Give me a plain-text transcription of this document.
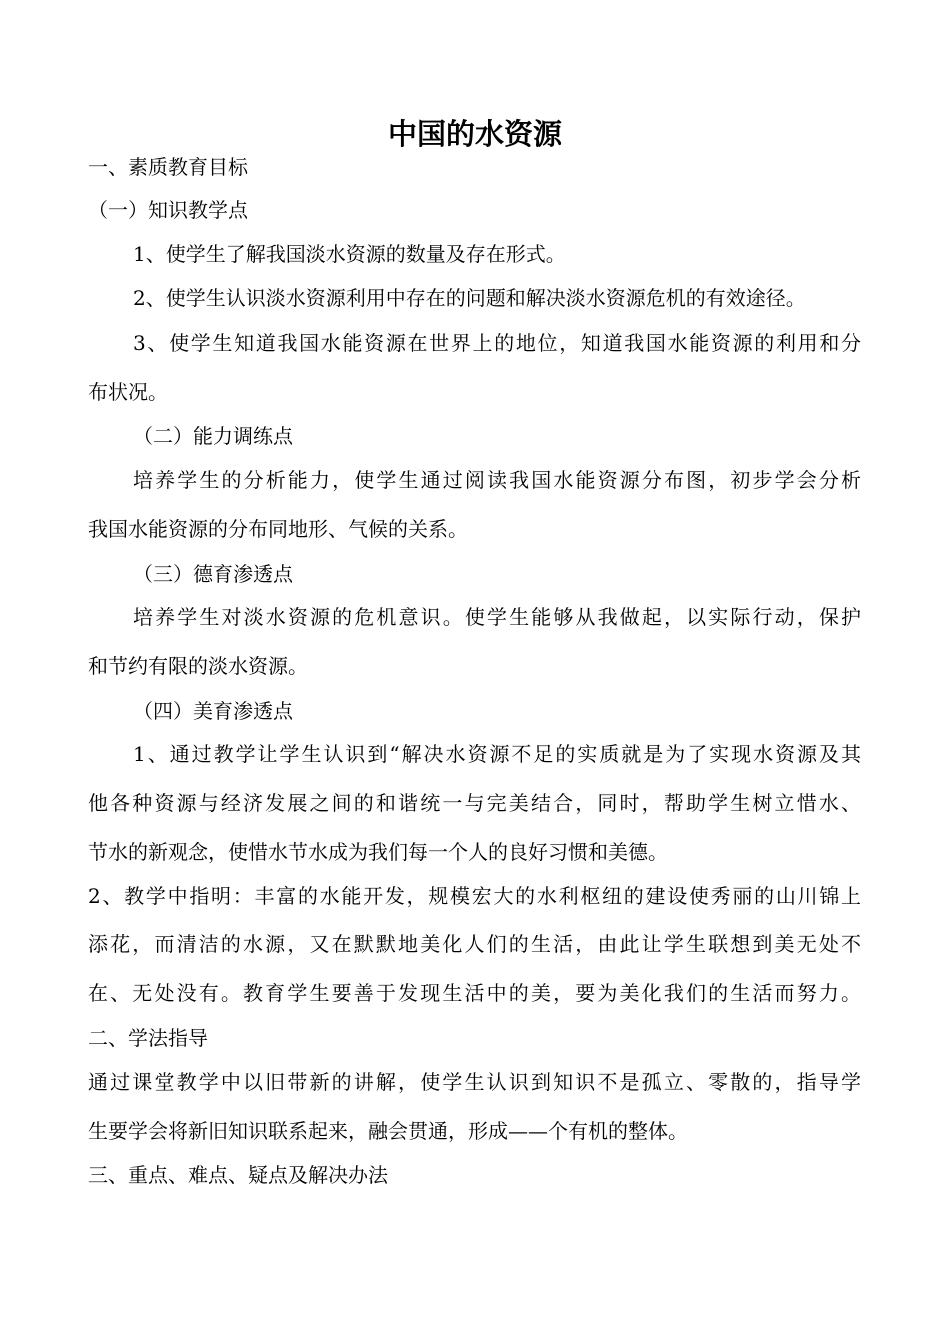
中国的水资源
一、素质教育目标
（一）知识教学点
1、使学生了解我国淡水资源的数量及存在形式。
2、使学生认识淡水资源利用中存在的问题和解决淡水资源危机的有效途径。
3、使学生知道我国水能资源在世界上的地位，知道我国水能资源的利用和分
布状况。
（二）能力调练点
培养学生的分析能力，使学生通过阅读我国水能资源分布图，初步学会分析
我国水能资源的分布同地形、气候的关系。
（三）德育渗透点
培养学生对淡水资源的危机意识。使学生能够从我做起，以实际行动，保护
和节约有限的淡水资源。
（四）美育渗透点
1、通过教学让学生认识到“解决水资源不足的实质就是为了实现水资源及其
他各种资源与经济发展之间的和谐统一与完美结合，同时，帮助学生树立惜水、
节水的新观念，使惜水节水成为我们每一个人的良好习惯和美德。
2、教学中指明：丰富的水能开发，规模宏大的水利枢纽的建设使秀丽的山川锦上
添花，而清洁的水源，又在默默地美化人们的生活，由此让学生联想到美无处不
在、无处没有。教育学生要善于发现生活中的美，要为美化我们的生活而努力。
二、学法指导
通过课堂教学中以旧带新的讲解，使学生认识到知识不是孤立、零散的，指导学
生要学会将新旧知识联系起来，融会贯通，形成——个有机的整体。
三、重点、难点、疑点及解决办法
